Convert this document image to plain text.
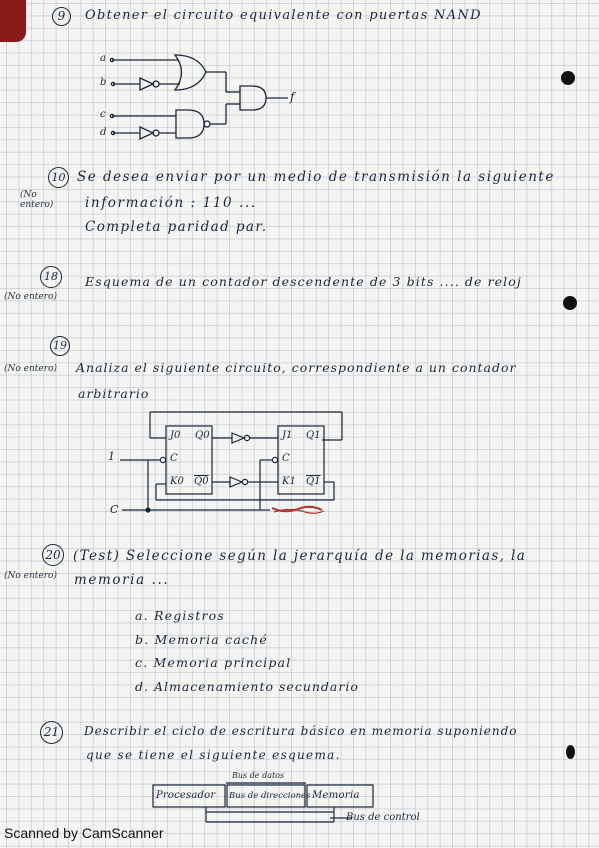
9	Obtener el circuito equivalente con puertas NAND
a
b
c
d
f
10
(No entero)
Se desea enviar por un medio de transmisión la siguiente
información : 110 ...
Completa paridad par.
18
(No entero)
Esquema de un contador descendente de 3 bits .... de reloj
19
(No entero) Analiza el siguiente circuito, correspondiente a un contador
arbitrario
J0 Q0
C
K0 Q0
J1 Q1
C
K1 Q1
1
C
20
(No entero)
(Test) Seleccione según la jerarquía de la memorias, la
memoria ...
a. Registros
b. Memoria caché
c. Memoria principal
d. Almacenamiento secundario
21	Describir el ciclo de escritura básico en memoria suponiendo
que se tiene el siguiente esquema.
Bus de datos
Procesador Bus de direcciones Memoria
Bus de control
Scanned by CamScanner
